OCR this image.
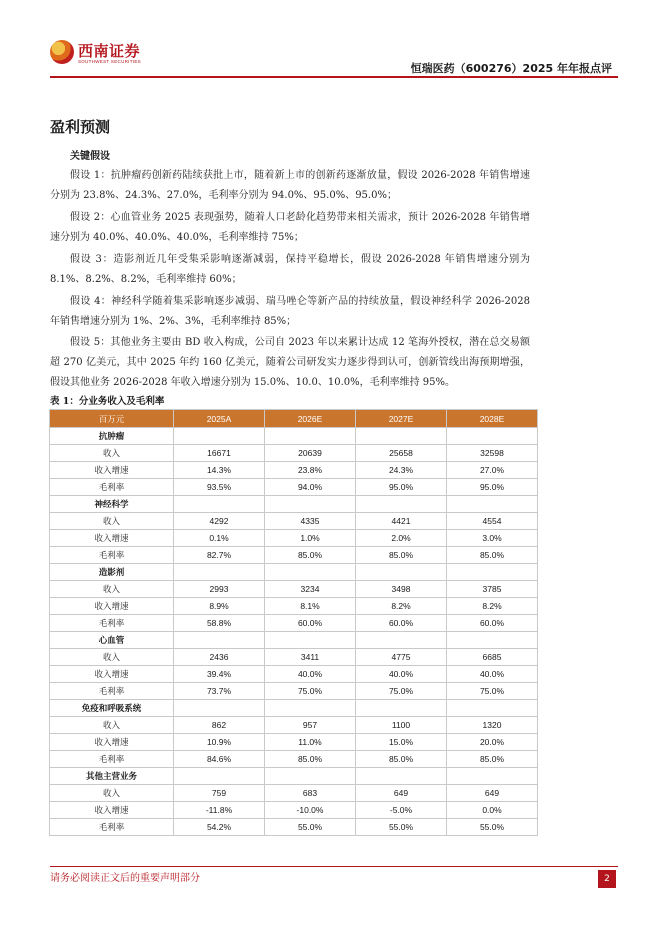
西南证券
SOUTHWEST SECURITIES
恒瑞医药（600276）2025 年年报点评
盈利预测
关键假设

假设 1：抗肿瘤药创新药陆续获批上市，随着新上市的创新药逐渐放量，假设 2026-2028 年销售增速分别为 23.8%、24.3%、27.0%，毛利率分别为 94.0%、95.0%、95.0%；

假设 2：心血管业务 2025 表现强势，随着人口老龄化趋势带来相关需求，预计 2026-2028 年销售增速分别为 40.0%、40.0%、40.0%，毛利率维持 75%；

假设 3：造影剂近几年受集采影响逐渐减弱，保持平稳增长，假设 2026-2028 年销售增速分别为 8.1%、8.2%、8.2%，毛利率维持 60%；

假设 4：神经科学随着集采影响逐步减弱、瑞马唑仑等新产品的持续放量，假设神经科学 2026-2028 年销售增速分别为 1%、2%、3%，毛利率维持 85%；

假设 5：其他业务主要由 BD 收入构成，公司自 2023 年以来累计达成 12 笔海外授权，潜在总交易额超 270 亿美元，其中 2025 年约 160 亿美元，随着公司研发实力逐步得到认可，创新管线出海预期增强，假设其他业务 2026-2028 年收入增速分别为 15.0%、10.0、10.0%，毛利率维持 95%。

表 1：分业务收入及毛利率
百万元	2025A	2026E	2027E	2028E
抗肿瘤				
收入	16671	20639	25658	32598
收入增速	14.3%	23.8%	24.3%	27.0%
毛利率	93.5%	94.0%	95.0%	95.0%
神经科学				
收入	4292	4335	4421	4554
收入增速	0.1%	1.0%	2.0%	3.0%
毛利率	82.7%	85.0%	85.0%	85.0%
造影剂				
收入	2993	3234	3498	3785
收入增速	8.9%	8.1%	8.2%	8.2%
毛利率	58.8%	60.0%	60.0%	60.0%
心血管				
收入	2436	3411	4775	6685
收入增速	39.4%	40.0%	40.0%	40.0%
毛利率	73.7%	75.0%	75.0%	75.0%
免疫和呼吸系统				
收入	862	957	1100	1320
收入增速	10.9%	11.0%	15.0%	20.0%
毛利率	84.6%	85.0%	85.0%	85.0%
其他主营业务				
收入	759	683	649	649
收入增速	-11.8%	-10.0%	-5.0%	0.0%
毛利率	54.2%	55.0%	55.0%	55.0%
请务必阅读正文后的重要声明部分	2
